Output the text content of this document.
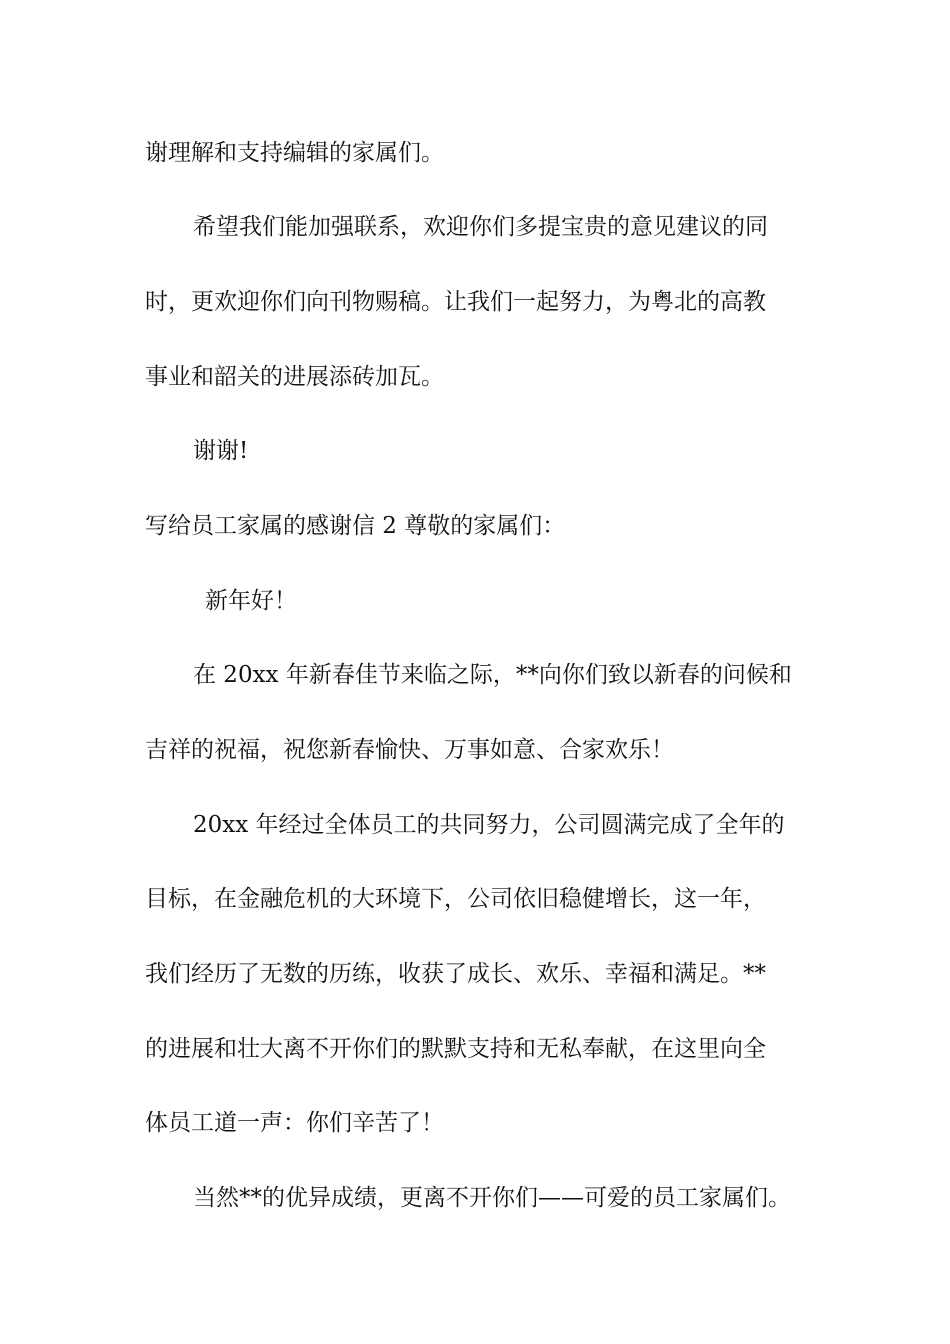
谢理解和支持编辑的家属们。

希望我们能加强联系，欢迎你们多提宝贵的意见建议的同

时，更欢迎你们向刊物赐稿。让我们一起努力，为粤北的高教

事业和韶关的进展添砖加瓦。

谢谢!

写给员工家属的感谢信 2 尊敬的家属们：

新年好！

在 20xx 年新春佳节来临之际，**向你们致以新春的问候和

吉祥的祝福，祝您新春愉快、万事如意、合家欢乐！

20xx 年经过全体员工的共同努力，公司圆满完成了全年的

目标，在金融危机的大环境下，公司依旧稳健增长，这一年，

我们经历了无数的历练，收获了成长、欢乐、幸福和满足。**

的进展和壮大离不开你们的默默支持和无私奉献，在这里向全

体员工道一声：你们辛苦了！

当然**的优异成绩，更离不开你们——可爱的员工家属们。
